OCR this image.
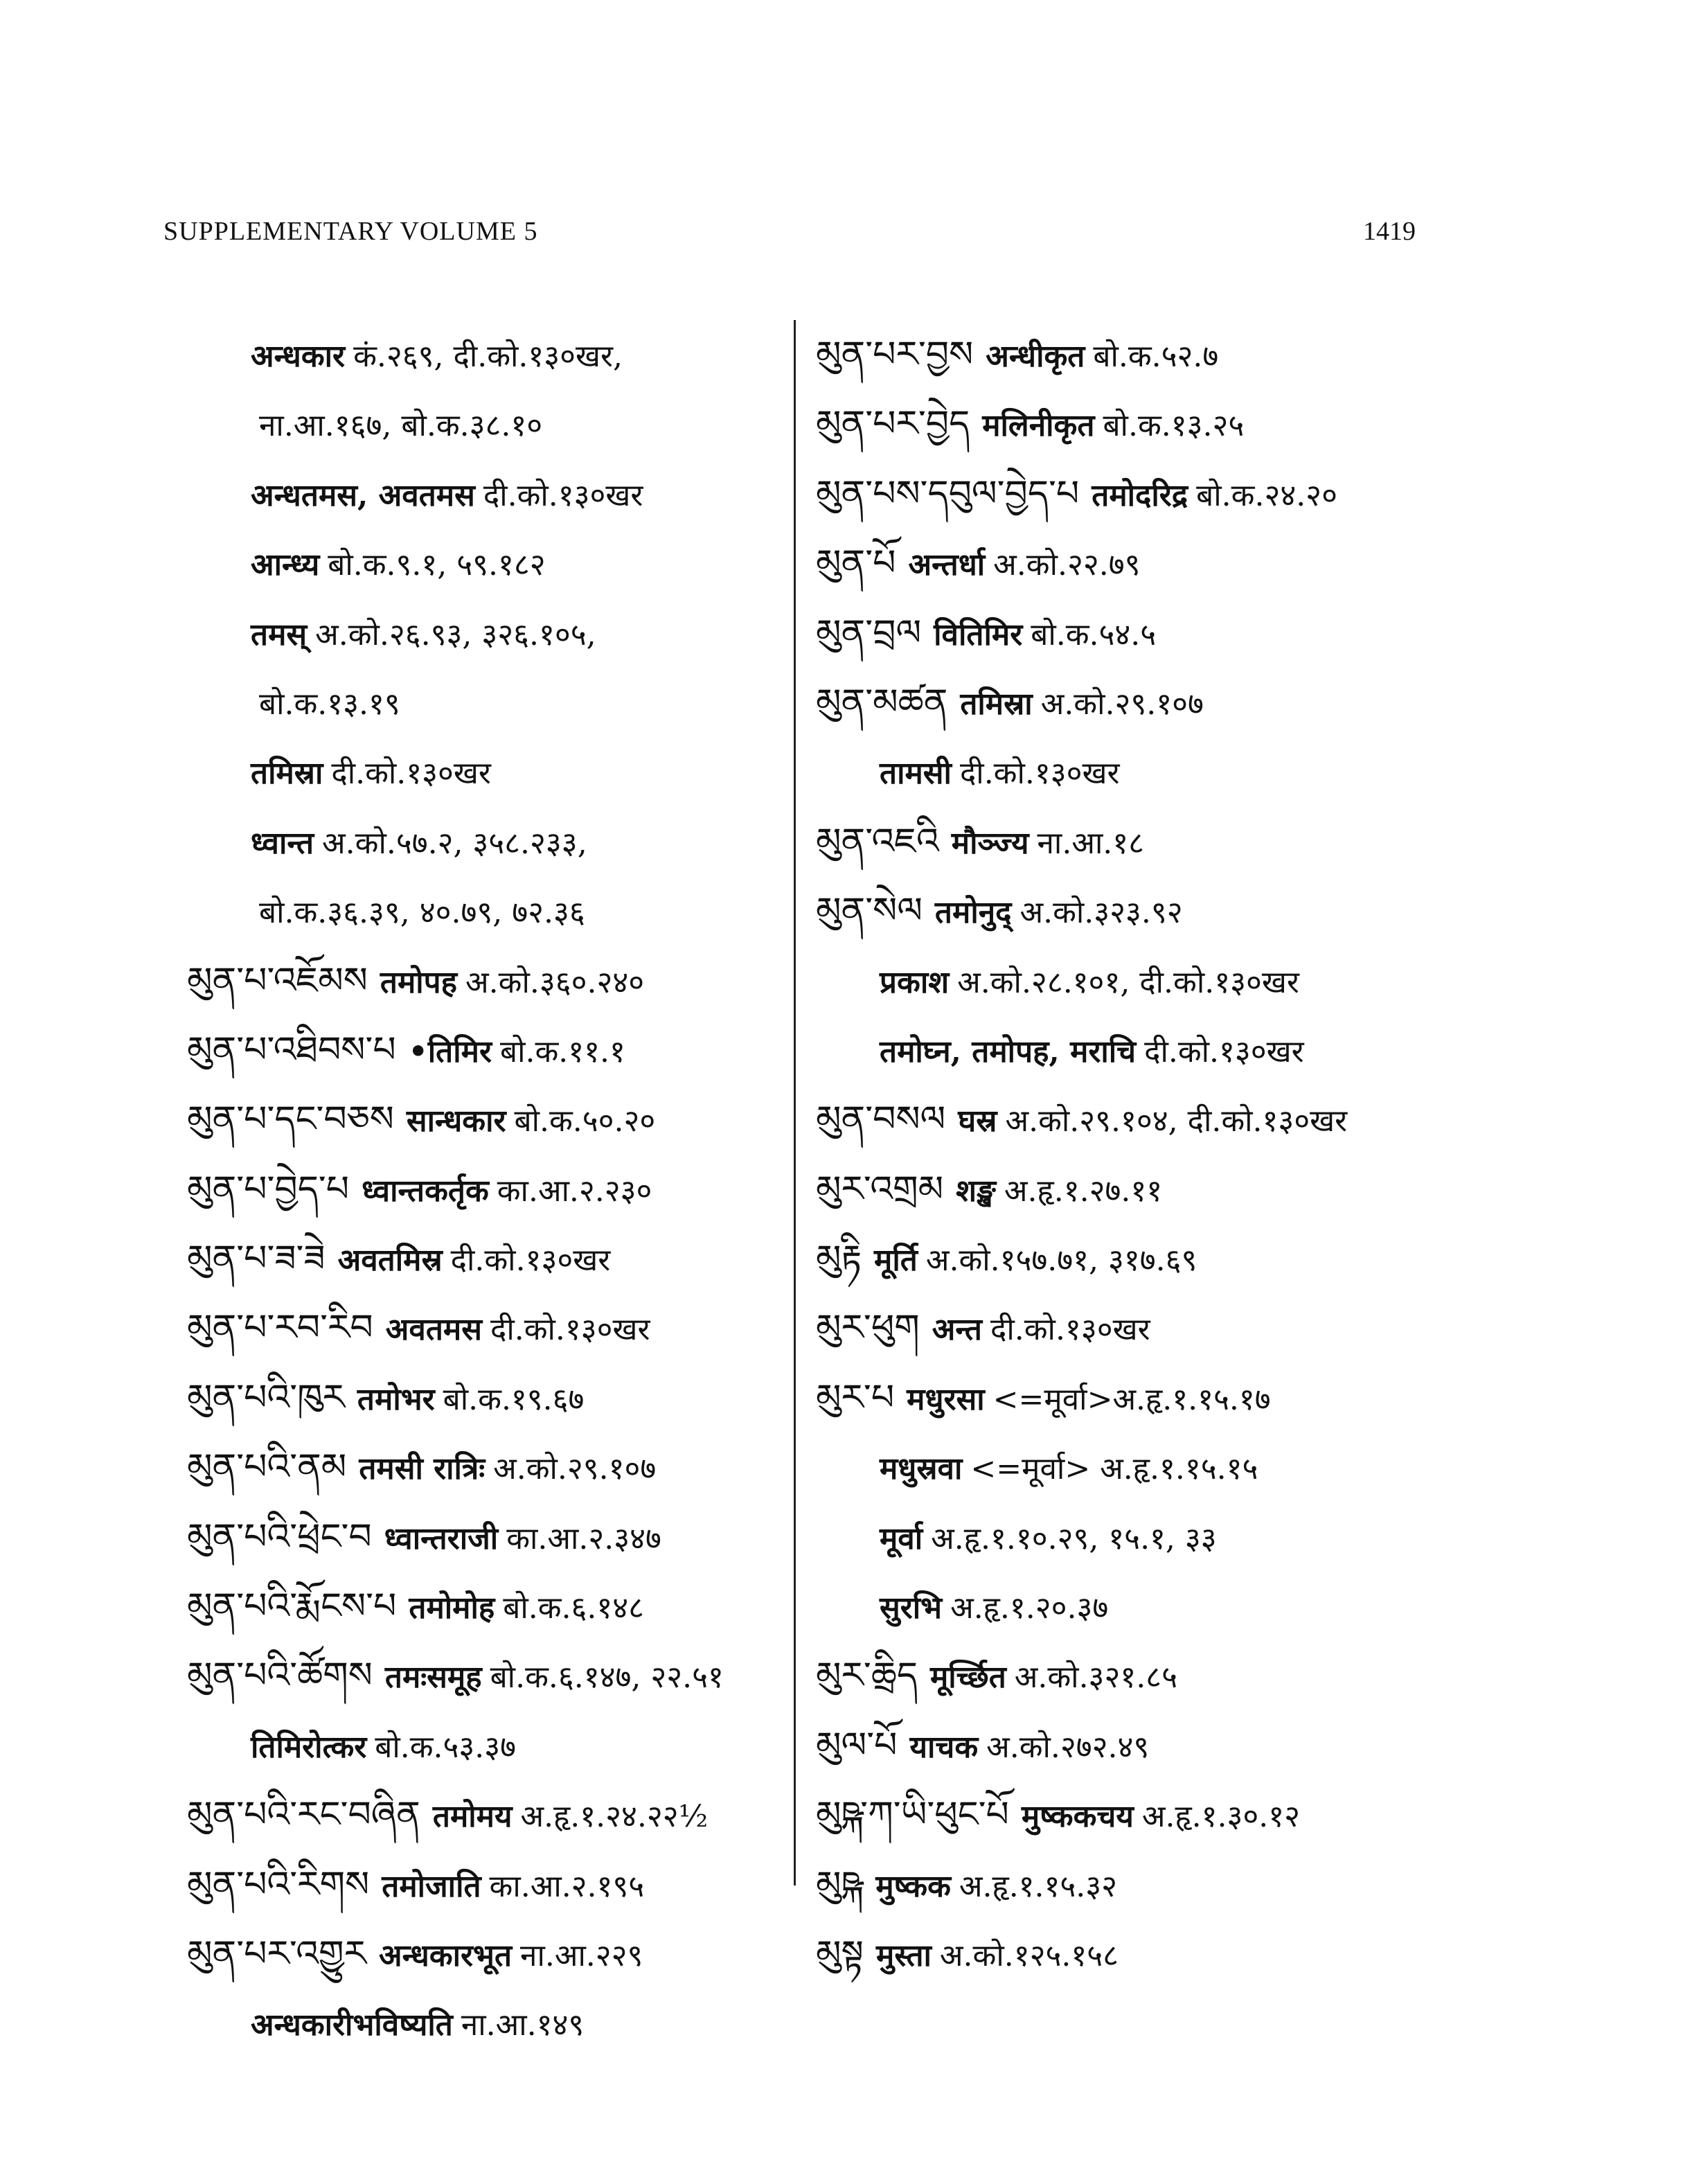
SUPPLEMENTARY VOLUME 5	1419
अन्धकार कं.२६९, दी.को.१३०खर,
ना.आ.१६७, बो.क.३८.१०
अन्धतमस, अवतमस दी.को.१३०खर
आन्ध्य बो.क.९.१, ५९.१८२
तमस् अ.को.२६.९३, ३२६.१०५,
बो.क.१३.१९
तमिस्रा दी.को.१३०खर
ध्वान्त अ.को.५७.२, ३५८.२३३,
बो.क.३६.३९, ४०.७९, ७२.३६
མུན་པ་འཇོམས तमोपह अ.को.३६०.२४०
མུན་པ་འཐིབས་པ •तिमिर बो.क.११.१
མུན་པ་དང་བཅས सान्धकार बो.क.५०.२०
མུན་པ་བྱེད་པ ध्वान्तकर्तृक का.आ.२.२३०
མུན་པ་ཟ་ཟེ अवतमिस्र दी.को.१३०खर
མུན་པ་རབ་རིབ अवतमस दी.को.१३०खर
མུན་པའི་ཁུར तमोभर बो.क.१९.६७
མུན་པའི་ནམ तमसी रात्रिः अ.को.२९.१०७
མུན་པའི་ཕྲེང་བ ध्वान्तराजी का.आ.२.३४७
མུན་པའི་རྨོངས་པ तमोमोह बो.क.६.१४८
མུན་པའི་ཚོགས तमःसमूह बो.क.६.१४७, २२.५१
तिमिरोत्कर बो.क.५३.३७
མུན་པའི་རང་བཞིན तमोमय अ.हृ.१.२४.२२½
མུན་པའི་རིགས तमोजाति का.आ.२.१९५
མུན་པར་འགྱུར अन्धकारभूत ना.आ.२२९
अन्धकारीभविष्यति ना.आ.१४९
མུན་པར་བྱས अन्धीकृत बो.क.५२.७
མུན་པར་བྱེད मलिनीकृत बो.क.१३.२५
མུན་པས་དབུལ་བྱེད་པ तमोदरिद्र बो.क.२४.२०
མུན་པོ अन्तर्धा अ.को.२२.७९
མུན་བྲལ वितिमिर बो.क.५४.५
མུན་མཚན तमिस्रा अ.को.२९.१०७
तामसी दी.को.१३०खर
མུན་འཇའི मौञ्ज्य ना.आ.१८
མུན་སེལ तमोनुद् अ.को.३२३.९२
प्रकाश अ.को.२८.१०१, दी.को.१३०खर
तमोघ्न, तमोपह, मराचि दी.को.१३०खर
མུན་བསལ घस्र अ.को.२९.१०४, दी.को.१३०खर
མུར་འགྲམ शङ्ख अ.हृ.१.२७.११
མུརྟི मूर्ति अ.को.१५७.७१, ३१७.६९
མུར་ཕུག अन्त दी.को.१३०खर
མུར་པ मधुरसा <=मूर्वा>अ.हृ.१.१५.१७
मधुस्रवा <=मूर्वा> अ.हृ.१.१५.१५
मूर्वा अ.हृ.१.१०.२९, १५.१, ३३
सुरभि अ.हृ.१.२०.३७
མུར་ཆྲིད मूर्च्छित अ.को.३२१.८५
མུལ་པོ याचक अ.को.२७२.४९
མུཥྐ་ཀ་ཡི་ཕུང་པོ मुष्ककचय अ.हृ.१.३०.१२
མུཥྐ मुष्कक अ.हृ.१.१५.३२
མུསྟ मुस्ता अ.को.१२५.१५८
